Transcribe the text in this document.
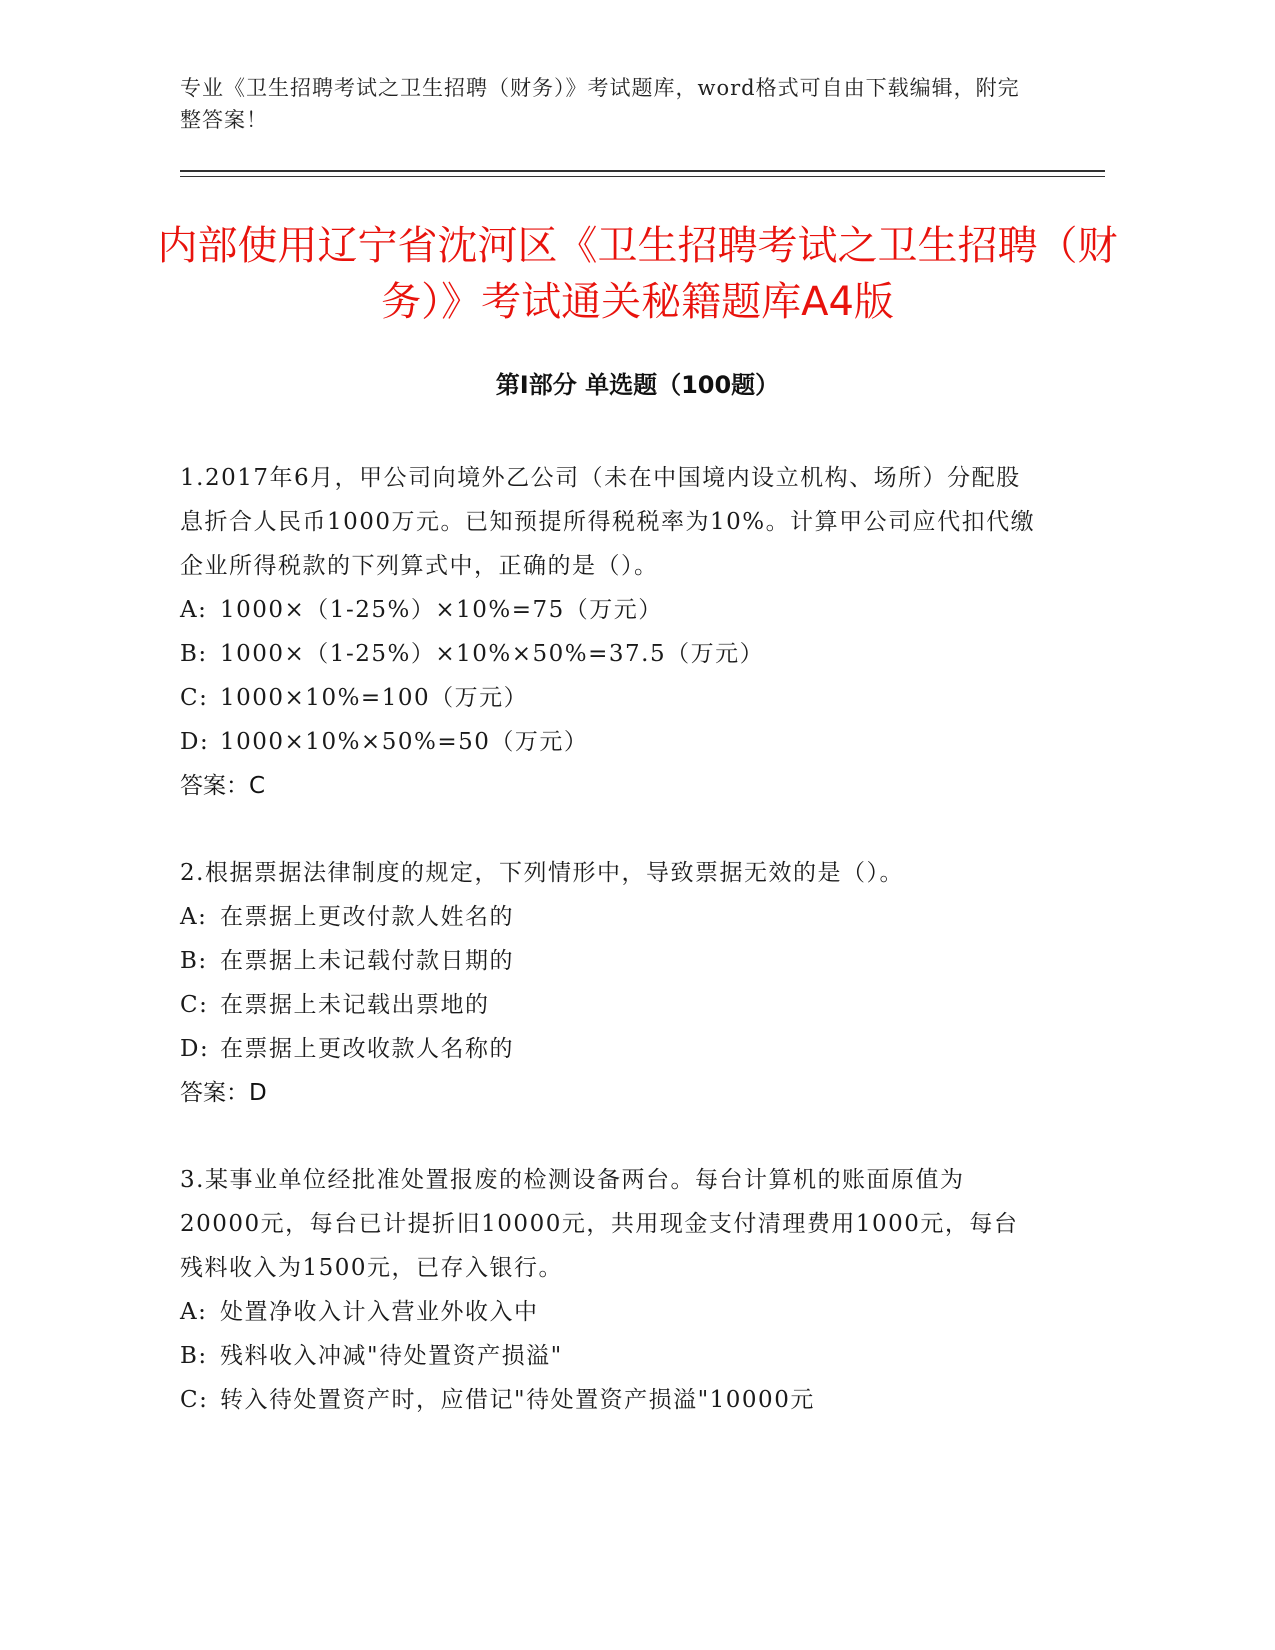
专业《卫生招聘考试之卫生招聘（财务）》考试题库，word格式可自由下载编辑，附完整答案！
内部使用辽宁省沈河区《卫生招聘考试之卫生招聘（财务）》考试通关秘籍题库A4版
第Ⅰ部分 单选题（100题）

1.2017年6月，甲公司向境外乙公司（未在中国境内设立机构、场所）分配股息折合人民币1000万元。已知预提所得税税率为10%。计算甲公司应代扣代缴企业所得税款的下列算式中，正确的是（）。

A: 1000×（1-25%）×10%=75（万元）

B: 1000×（1-25%）×10%×50%=37.5（万元）

C: 1000×10%=100（万元）

D: 1000×10%×50%=50（万元）

答案：C

2.根据票据法律制度的规定，下列情形中，导致票据无效的是（）。

A: 在票据上更改付款人姓名的

B: 在票据上未记载付款日期的

C: 在票据上未记载出票地的

D: 在票据上更改收款人名称的

答案：D

3.某事业单位经批准处置报废的检测设备两台。每台计算机的账面原值为20000元，每台已计提折旧10000元，共用现金支付清理费用1000元，每台残料收入为1500元，已存入银行。

A: 处置净收入计入营业外收入中

B: 残料收入冲减"待处置资产损溢"

C: 转入待处置资产时，应借记"待处置资产损溢"10000元
